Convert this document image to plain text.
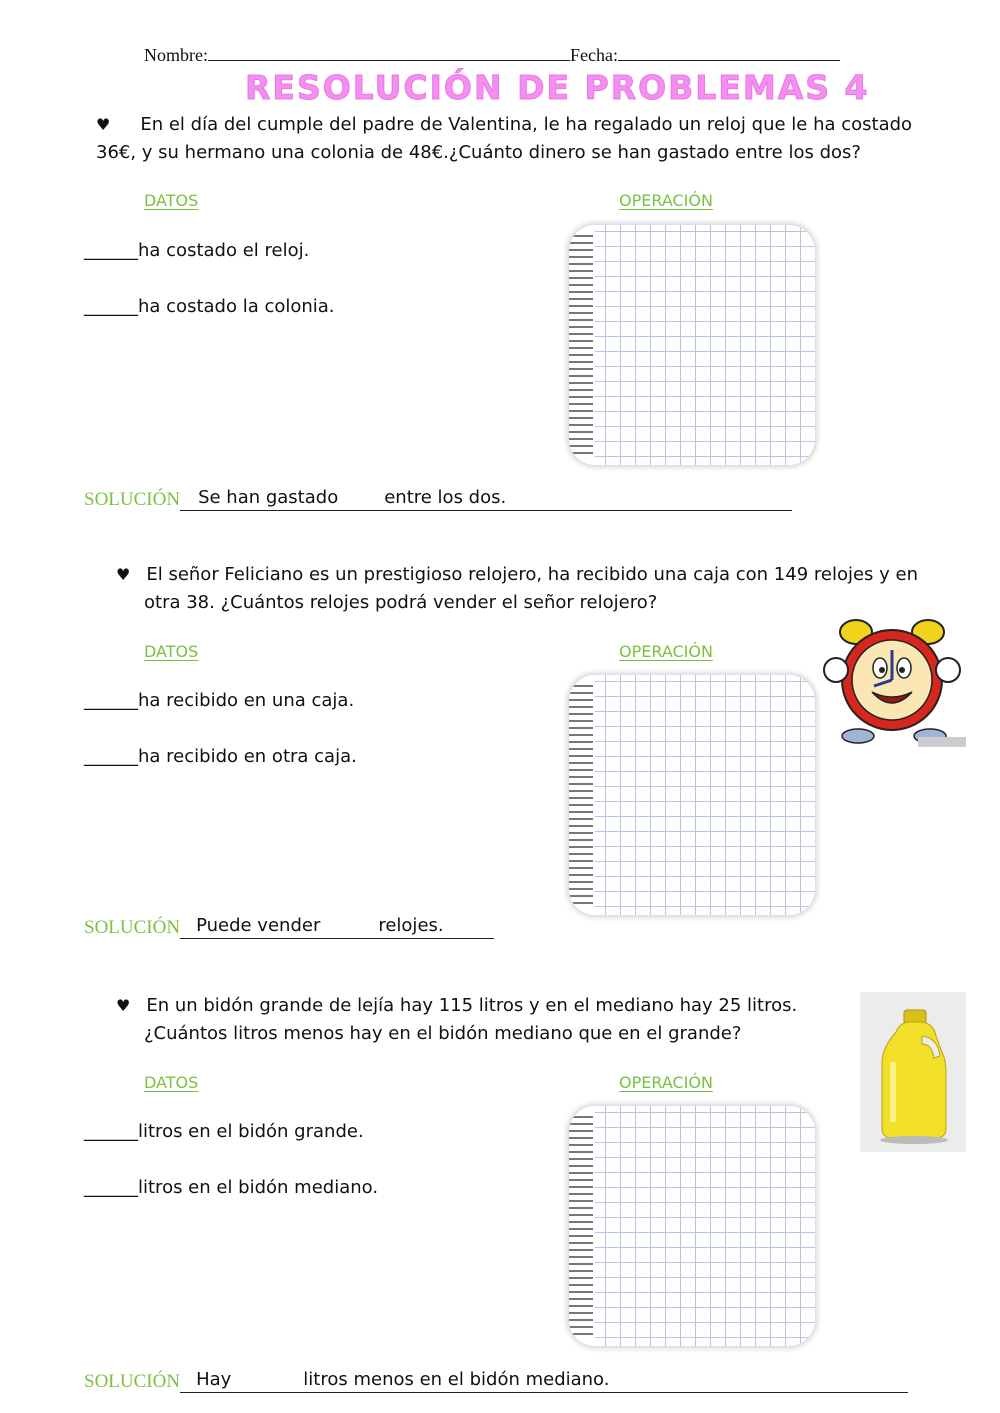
Nombre:	Fecha:
RESOLUCIÓN DE PROBLEMAS 4
♥ En el día del cumple del padre de Valentina, le ha regalado un reloj que le ha costado
36€, y su hermano una colonia de 48€.¿Cuánto dinero se han gastado entre los dos?
DATOS	OPERACIÓN
______ha costado el reloj.
______ha costado la colonia.
SOLUCIÓN	Se han gastado	entre los dos.
♥ El señor Feliciano es un prestigioso relojero, ha recibido una caja con 149 relojes y en
otra 38. ¿Cuántos relojes podrá vender el señor relojero?
DATOS	OPERACIÓN
______ha recibido en una caja.
______ha recibido en otra caja.
SOLUCIÓN Puede vender	relojes.
♥ En un bidón grande de lejía hay 115 litros y en el mediano hay 25 litros.
¿Cuántos litros menos hay en el bidón mediano que en el grande?
DATOS	OPERACIÓN
______litros en el bidón grande.
______litros en el bidón mediano.
SOLUCIÓN Hay	litros menos en el bidón mediano.
